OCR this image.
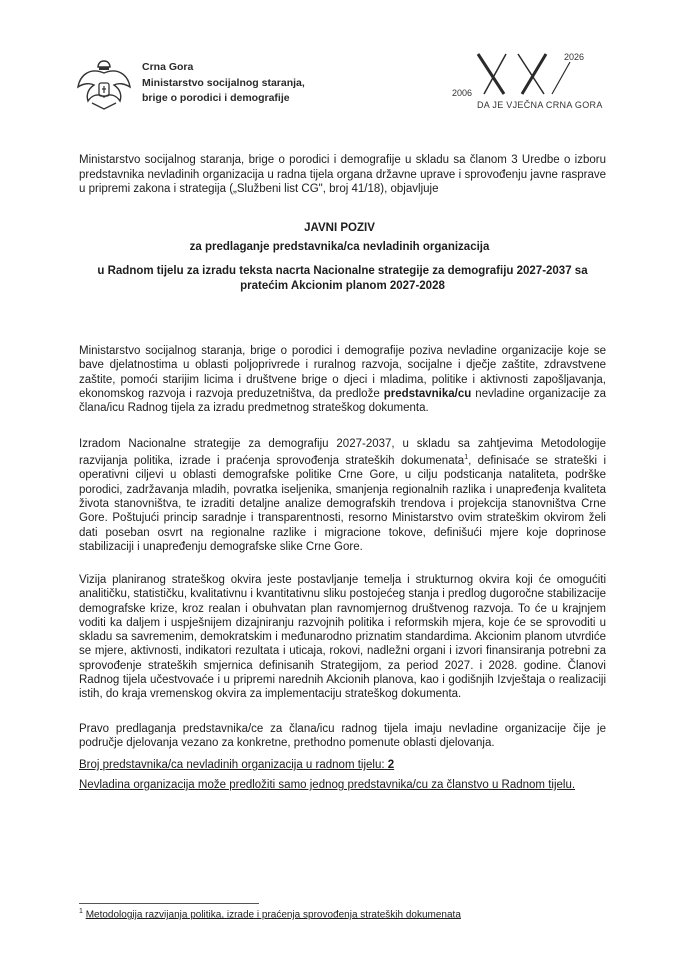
Crna Gora
Ministarstvo socijalnog staranja,
brige o porodici i demografije	2006
2026
DA JE VJEČNA CRNA GORA
Ministarstvo socijalnog staranja, brige o porodici i demografije u skladu sa članom 3 Uredbe o izboru predstavnika nevladinih organizacija u radna tijela organa državne uprave i sprovođenju javne rasprave u pripremi zakona i strategija („Službeni list CG", broj 41/18), objavljuje
JAVNI POZIV
za predlaganje predstavnika/ca nevladinih organizacija
u Radnom tijelu za izradu teksta nacrta Nacionalne strategije za demografiju 2027-2037 sa pratećim Akcionim planom 2027-2028
Ministarstvo socijalnog staranja, brige o porodici i demografije poziva nevladine organizacije koje se bave djelatnostima u oblasti poljoprivrede i ruralnog razvoja, socijalne i dječje zaštite, zdravstvene zaštite, pomoći starijim licima i društvene brige o djeci i mladima, politike i aktivnosti zapošljavanja, ekonomskog razvoja i razvoja preduzetništva, da predlože predstavnika/cu nevladine organizacije za člana/icu Radnog tijela za izradu predmetnog strateškog dokumenta.
Izradom Nacionalne strategije za demografiju 2027-2037, u skladu sa zahtjevima Metodologije razvijanja politika, izrade i praćenja sprovođenja strateških dokumenata$^1$, definisaće se strateški i operativni ciljevi u oblasti demografske politike Crne Gore, u cilju podsticanja nataliteta, podrške porodici, zadržavanja mladih, povratka iseljenika, smanjenja regionalnih razlika i unapređenja kvaliteta života stanovništva, te izraditi detaljne analize demografskih trendova i projekcija stanovništva Crne Gore. Poštujući princip saradnje i transparentnosti, resorno Ministarstvo ovim strateškim okvirom želi dati poseban osvrt na regionalne razlike i migracione tokove, definišući mjere koje doprinose stabilizaciji i unapređenju demografske slike Crne Gore.
Vizija planiranog strateškog okvira jeste postavljanje temelja i strukturnog okvira koji će omogućiti analitičku, statističku, kvalitativnu i kvantitativnu sliku postojećeg stanja i predlog dugoročne stabilizacije demografske krize, kroz realan i obuhvatan plan ravnomjernog društvenog razvoja. To će u krajnjem voditi ka daljem i uspješnijem dizajniranju razvojnih politika i reformskih mjera, koje će se sprovoditi u skladu sa savremenim, demokratskim i međunarodno priznatim standardima. Akcionim planom utvrdiće se mjere, aktivnosti, indikatori rezultata i uticaja, rokovi, nadležni organi i izvori finansiranja potrebni za sprovođenje strateških smjernica definisanih Strategijom, za period 2027. i 2028. godine. Članovi Radnog tijela učestvovaće i u pripremi narednih Akcionih planova, kao i godišnjih Izvještaja o realizaciji istih, do kraja vremenskog okvira za implementaciju strateškog dokumenta.
Pravo predlaganja predstavnika/ce za člana/icu radnog tijela imaju nevladine organizacije čije je područje djelovanja vezano za konkretne, prethodno pomenute oblasti djelovanja.
Broj predstavnika/ca nevladinih organizacija u radnom tijelu: 2
Nevladina organizacija može predložiti samo jednog predstavnika/cu za članstvo u Radnom tijelu.
$^1$ Metodologija razvijanja politika, izrade i praćenja sprovođenja strateških dokumenata
